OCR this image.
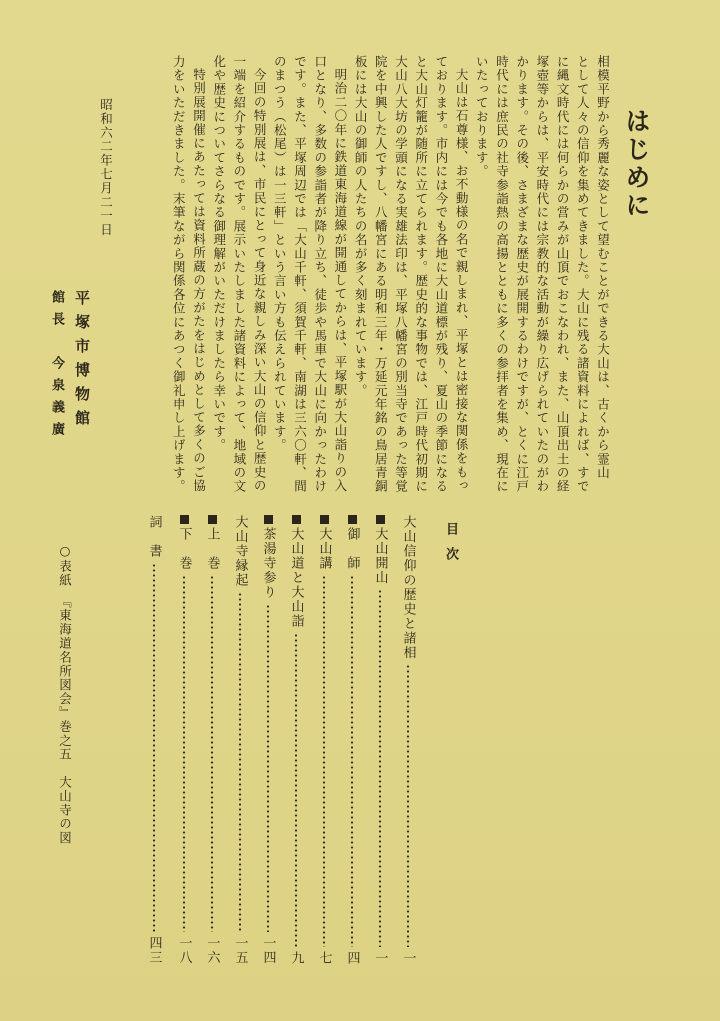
はじめに
相模平野から秀麗な姿として望むことができる大山は、古くから霊山
として人々の信仰を集めてきました。大山に残る諸資料によれば、すで
に縄文時代には何らかの営みが山頂でおこなわれ、また、山頂出土の経
塚壺等からは、平安時代には宗教的な活動が繰り広げられていたのがわ
かります。その後、さまざまな歴史が展開するわけですが、とくに江戸
時代には庶民の社寺参詣熱の高揚とともに多くの参拝者を集め、現在に
いたっております。
大山は石尊様、お不動様の名で親しまれ、平塚とは密接な関係をもっ
ております。市内には今でも各地に大山道標が残り、夏山の季節になる
と大山灯籠が随所に立てられます。歴史的な事物では、江戸時代初期に
大山八大坊の学頭になる実雄法印は、平塚八幡宮の別当寺であった等覚
院を中興した人ですし、八幡宮にある明和三年・万延元年銘の鳥居青銅
板には大山の御師の人たちの名が多く刻まれています。
明治二〇年に鉄道東海道線が開通してからは、平塚駅が大山詣りの入
口となり、多数の参詣者が降り立ち、徒歩や馬車で大山に向かったわけ
です。また、平塚周辺では「大山千軒、須賀千軒、南湖は三六〇軒、間
のまつう（松尾）は一三軒」という言い方も伝えられています。
今回の特別展は、市民にとって身近な親しみ深い大山の信仰と歴史の
一端を紹介するものです。展示いたしました諸資料によって、地域の文
化や歴史についてさらなる御理解がいただけましたら幸いです。
特別展開催にあたっては資料所蔵の方がたをはじめとして多くのご協
力をいただきました。末筆ながら関係各位にあつく御礼申し上げます。
昭和六二年七月二一日
平塚市博物館
館長　今泉義廣
目次
大山信仰の歴史と諸相
一
大山開山
一
御　師
四
大山講
七
大山道と大山詣
九
茶湯寺参り
一四
大山寺縁起
一五
上　巻
一六
下　巻
一八
詞　書
四三
○表紙　『東海道名所図会』巻之五　大山寺の図
